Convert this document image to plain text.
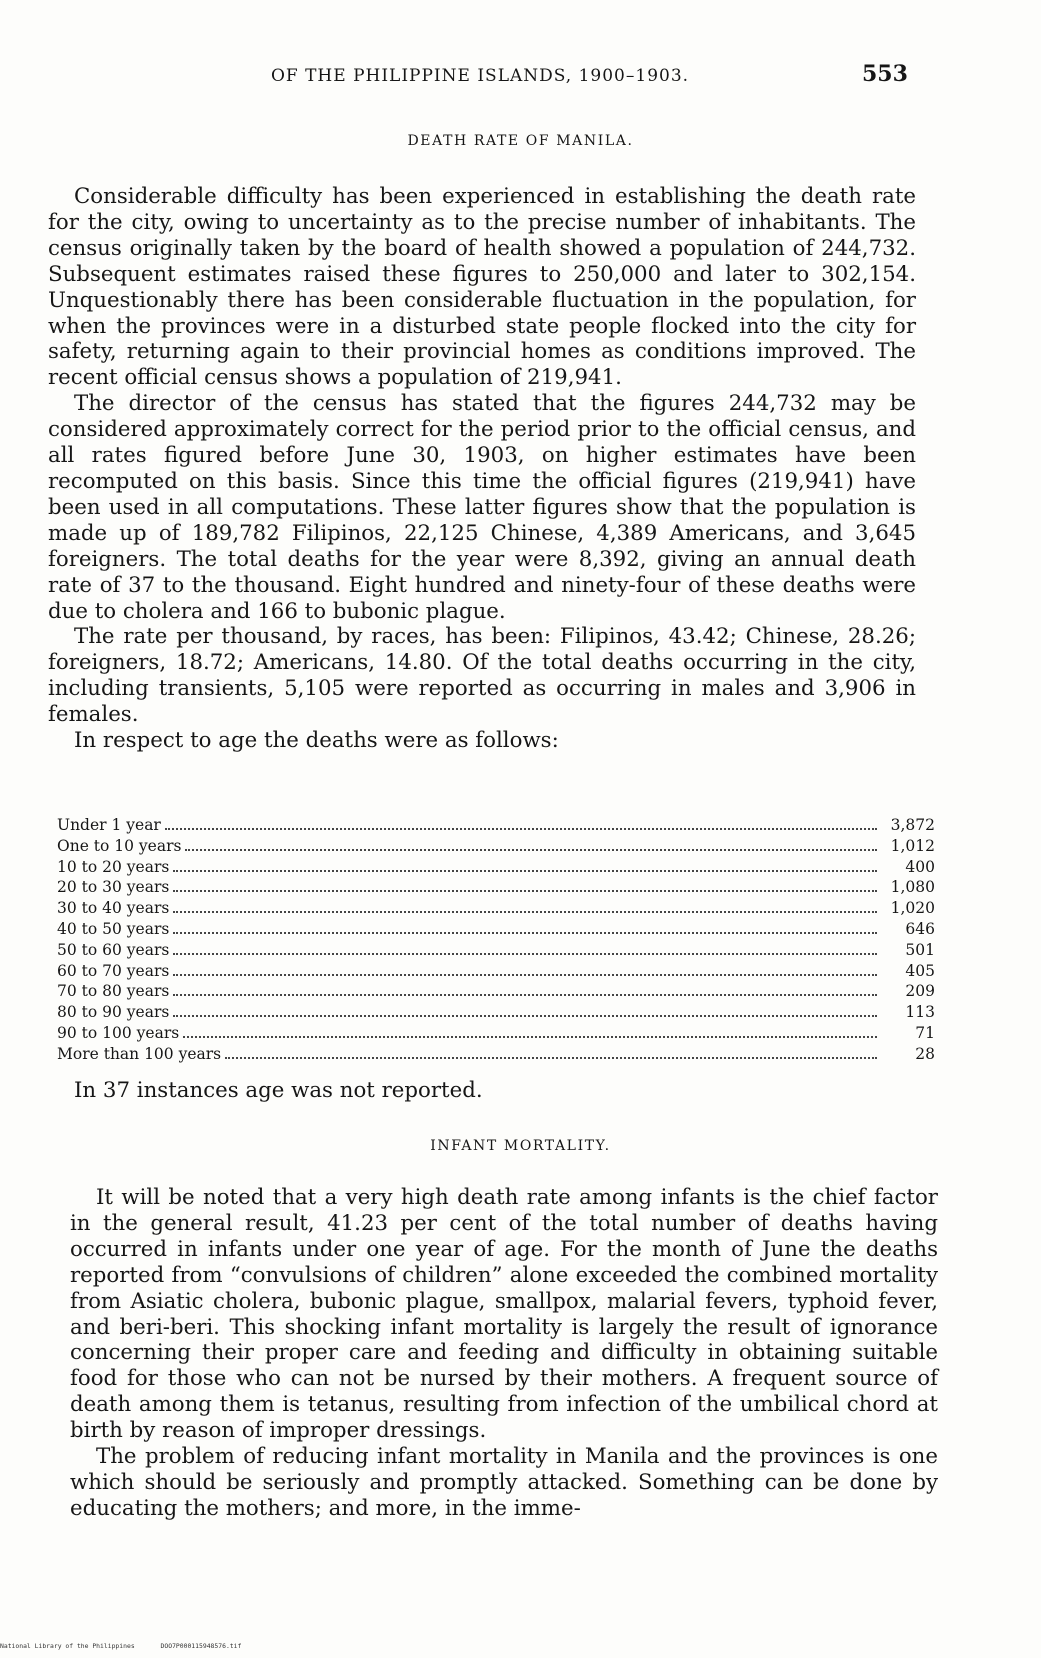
OF THE PHILIPPINE ISLANDS, 1900–1903.	553
DEATH RATE OF MANILA.

Considerable difficulty has been experienced in establishing the death rate for the city, owing to uncertainty as to the precise number of inhabitants. The census originally taken by the board of health showed a population of 244,732. Subsequent estimates raised these figures to 250,000 and later to 302,154. Unquestionably there has been considerable fluctuation in the population, for when the provinces were in a disturbed state people flocked into the city for safety, returning again to their provincial homes as conditions improved. The recent official census shows a population of 219,941.

The director of the census has stated that the figures 244,732 may be considered approximately correct for the period prior to the official census, and all rates figured before June 30, 1903, on higher estimates have been recomputed on this basis. Since this time the official figures (219,941) have been used in all computations. These latter figures show that the population is made up of 189,782 Filipinos, 22,125 Chinese, 4,389 Americans, and 3,645 foreigners. The total deaths for the year were 8,392, giving an annual death rate of 37 to the thousand. Eight hundred and ninety-four of these deaths were due to cholera and 166 to bubonic plague.

The rate per thousand, by races, has been: Filipinos, 43.42; Chinese, 28.26; foreigners, 18.72; Americans, 14.80. Of the total deaths occurring in the city, including transients, 5,105 were reported as occurring in males and 3,906 in females.

In respect to age the deaths were as follows:

Under 1 year	3,872
One to 10 years	1,012
10 to 20 years	400
20 to 30 years	1,080
30 to 40 years	1,020
40 to 50 years	646
50 to 60 years	501
60 to 70 years	405
70 to 80 years	209
80 to 90 years	113
90 to 100 years	71
More than 100 years	28

In 37 instances age was not reported.

INFANT MORTALITY.

It will be noted that a very high death rate among infants is the chief factor in the general result, 41.23 per cent of the total number of deaths having occurred in infants under one year of age. For the month of June the deaths reported from “convulsions of children” alone exceeded the combined mortality from Asiatic cholera, bubonic plague, smallpox, malarial fevers, typhoid fever, and beri-beri. This shocking infant mortality is largely the result of ignorance concerning their proper care and feeding and difficulty in obtaining suitable food for those who can not be nursed by their mothers. A frequent source of death among them is tetanus, resulting from infection of the umbilical chord at birth by reason of improper dressings.

The problem of reducing infant mortality in Manila and the provinces is one which should be seriously and promptly attacked. Something can be done by educating the mothers; and more, in the imme-

National Library of the Philippines	DOO7P00011594857​6.tif
